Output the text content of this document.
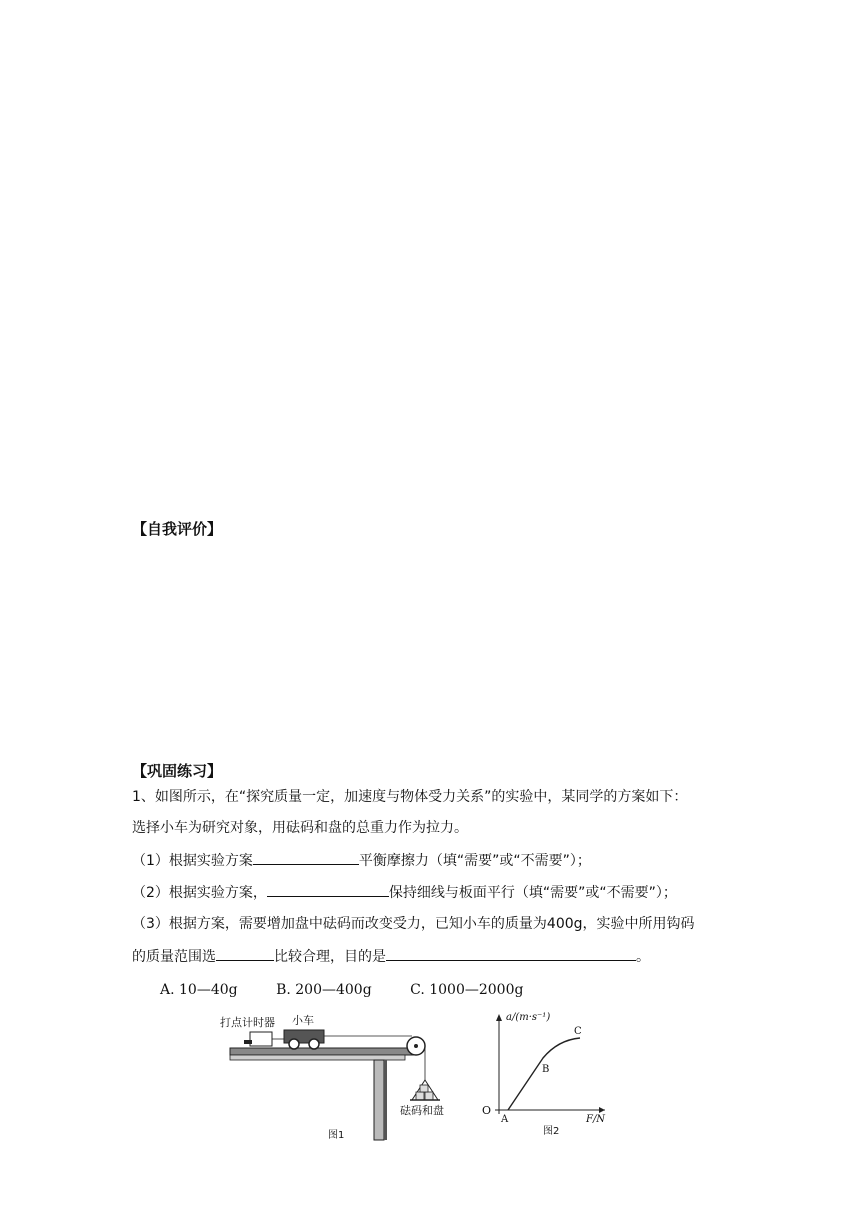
【自我评价】
【巩固练习】
1、如图所示，在“探究质量一定，加速度与物体受力关系”的实验中，某同学的方案如下：
选择小车为研究对象，用砝码和盘的总重力作为拉力。
（1）根据实验方案	平衡摩擦力（填“需要”或“不需要”）；
（2）根据实验方案，	保持细线与板面平行（填“需要”或“不需要”）；
（3）根据方案，需要增加盘中砝码而改变受力，已知小车的质量为400g，实验中所用钩码
的质量范围选	比较合理，目的是	。
A. 10—40g	B. 200—400g	C. 1000—2000g
打点计时器 小车
砝码和盘
图1
a/(m·s⁻¹)
F/N
O
A
B
C
图2
